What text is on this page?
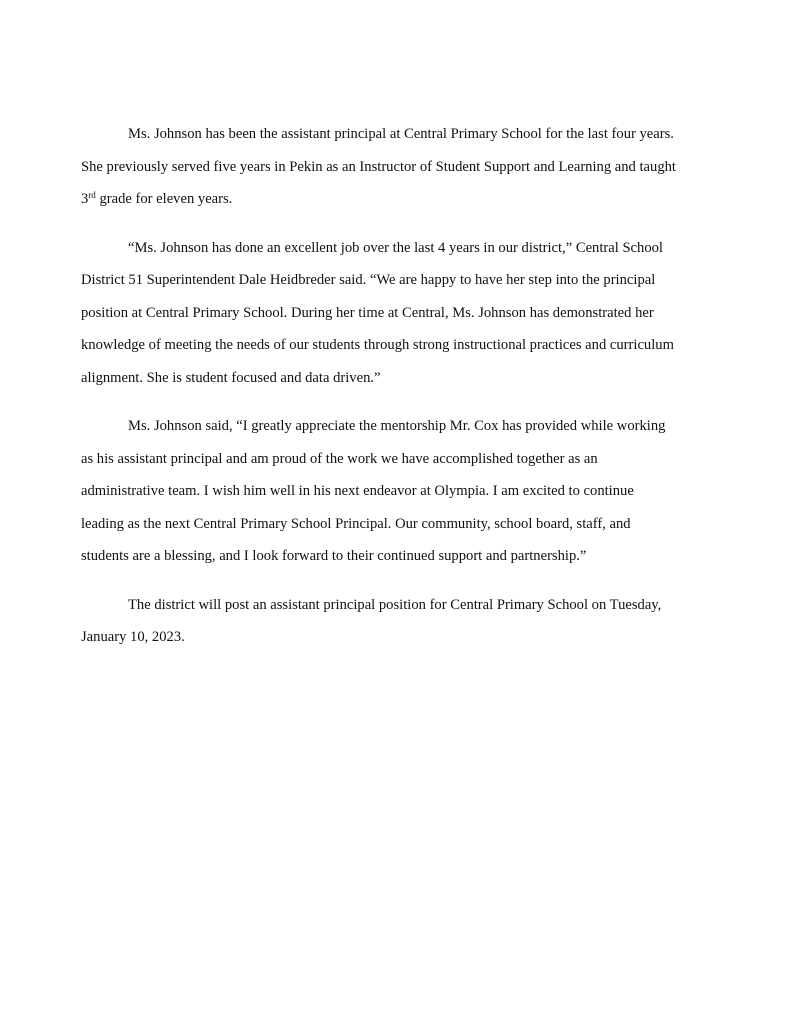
Ms. Johnson has been the assistant principal at Central Primary School for the last four years.
She previously served five years in Pekin as an Instructor of Student Support and Learning and taught
3rd grade for eleven years.

“Ms. Johnson has done an excellent job over the last 4 years in our district,” Central School
District 51 Superintendent Dale Heidbreder said. “We are happy to have her step into the principal
position at Central Primary School. During her time at Central, Ms. Johnson has demonstrated her
knowledge of meeting the needs of our students through strong instructional practices and curriculum
alignment. She is student focused and data driven.”

Ms. Johnson said, “I greatly appreciate the mentorship Mr. Cox has provided while working
as his assistant principal and am proud of the work we have accomplished together as an
administrative team. I wish him well in his next endeavor at Olympia. I am excited to continue
leading as the next Central Primary School Principal. Our community, school board, staff, and
students are a blessing, and I look forward to their continued support and partnership.”

The district will post an assistant principal position for Central Primary School on Tuesday,
January 10, 2023.
